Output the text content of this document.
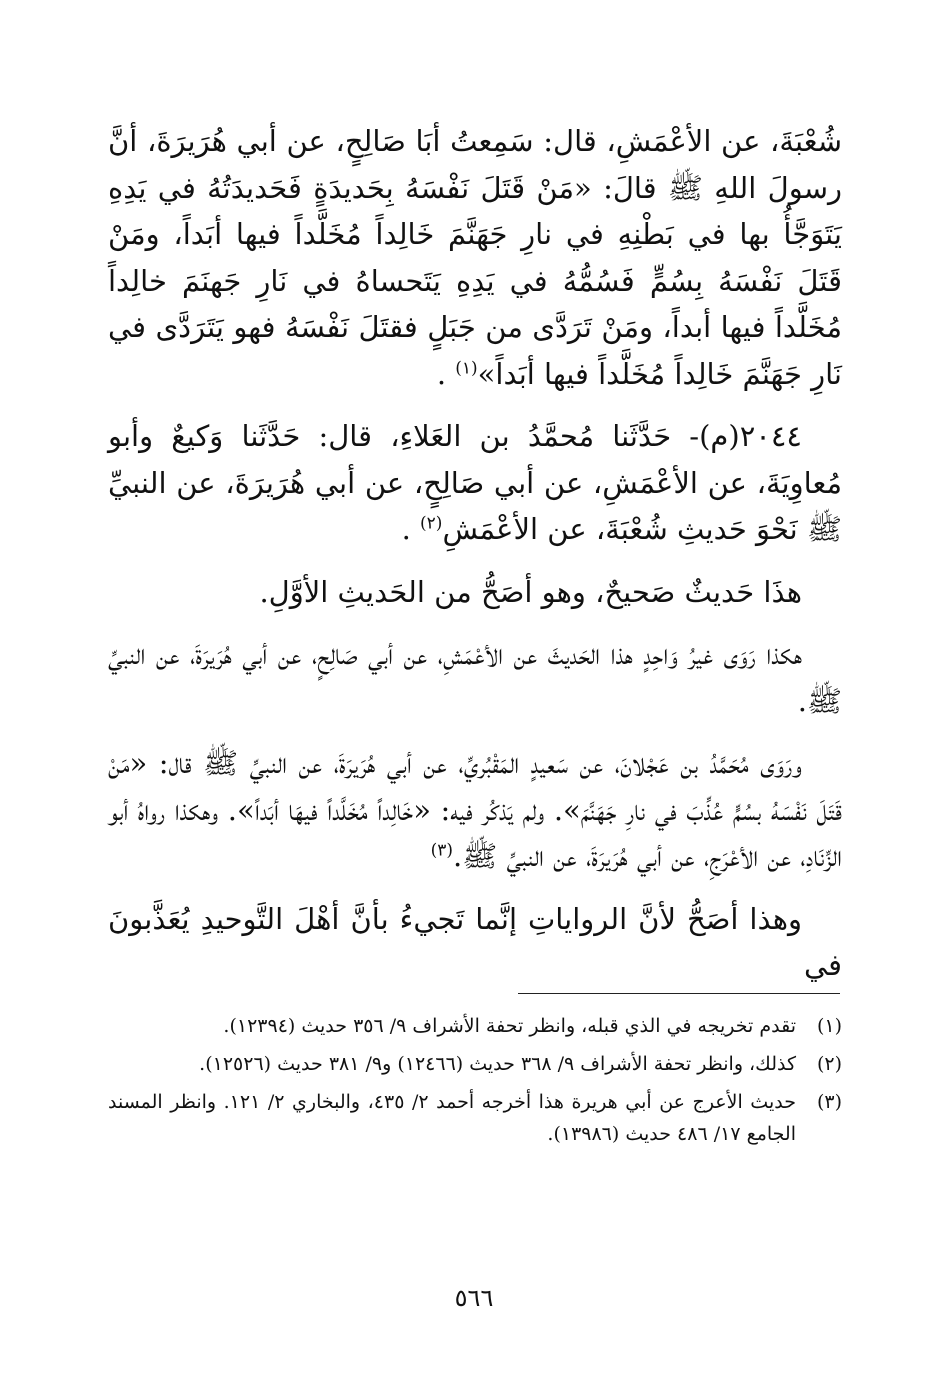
شُعْبَةَ، عن الأعْمَشِ، قال: سَمِعتُ أبَا صَالِحٍ، عن أبي هُرَيرَةَ، أنَّ رسولَ اللهِ ﷺ قالَ: «مَنْ قَتَلَ نَفْسَهُ بِحَديدَةٍ فَحَديدَتُهُ في يَدِهِ يَتَوَجَّأُ بها في بَطْنِهِ في نارِ جَهَنَّمَ خَالِداً مُخَلَّداً فيها أبَداً، ومَنْ قَتَلَ نَفْسَهُ بِسُمٍّ فَسُمُّهُ في يَدِهِ يَتَحساهُ في نَارِ جَهنَمَ خالِداً مُخَلَّداً فيها أبداً، ومَنْ تَرَدَّى من جَبَلٍ فقتَلَ نَفْسَهُ فهو يَتَرَدَّى في نَارِ جَهَنَّمَ خَالِداً مُخَلَّداً فيها أبَداً»$^{(١)}$ .

٢٠٤٤(م)- حَدَّثَنا مُحمَّدُ بن العَلاءِ، قال: حَدَّثَنا وَكيعٌ وأبو مُعاوِيَةَ، عن الأعْمَشِ، عن أبي صَالِحٍ، عن أبي هُرَيرَةَ، عن النبيِّ ﷺ نَحْوَ حَديثِ شُعْبَةَ، عن الأعْمَشِ$^{(٢)}$ .

هذَا حَديثٌ صَحيحٌ، وهو أصَحُّ من الحَديثِ الأوَّلِ.

هكذا رَوَى غيرُ وَاحِدٍ هذا الحَديثَ عن الأعْمَشِ، عن أبي صَالِحٍ، عن أبي هُرَيرَةَ، عن النبيِّ ﷺ.

ورَوَى مُحَمَّدُ بن عَجْلانَ، عن سَعيدٍ المَقْبُريِّ، عن أبي هُرَيرَةَ، عن النبيِّ ﷺ قال: «مَنْ قَتَلَ نَفْسَهُ بسُمٍّ عُذِّبَ في نارِ جَهَنَّمَ». ولم يَذكُر فيه: «خَالِداً مُخَلَّداً فيهَا أبَداً». وهكذا رواهُ أبو الزِّنَادِ، عن الأعْرَجِ، عن أبي هُرَيرَةَ، عن النبيِّ ﷺ.$^{(٣)}$

وهذا أصَحُّ لأنَّ الرواياتِ إنَّما تَجيءُ بأنَّ أهْلَ التَّوحيدِ يُعَذَّبونَ في

(١)
تقدم تخريجه في الذي قبله، وانظر تحفة الأشراف ٩/ ٣٥٦ حديث (١٢٣٩٤).
(٢)
كذلك، وانظر تحفة الأشراف ٩/ ٣٦٨ حديث (١٢٤٦٦) و٩/ ٣٨١ حديث (١٢٥٢٦).
(٣)
حديث الأعرج عن أبي هريرة هذا أخرجه أحمد ٢/ ٤٣٥، والبخاري ٢/ ١٢١. وانظر المسند الجامع ١٧/ ٤٨٦ حديث (١٣٩٨٦).
٥٦٦
